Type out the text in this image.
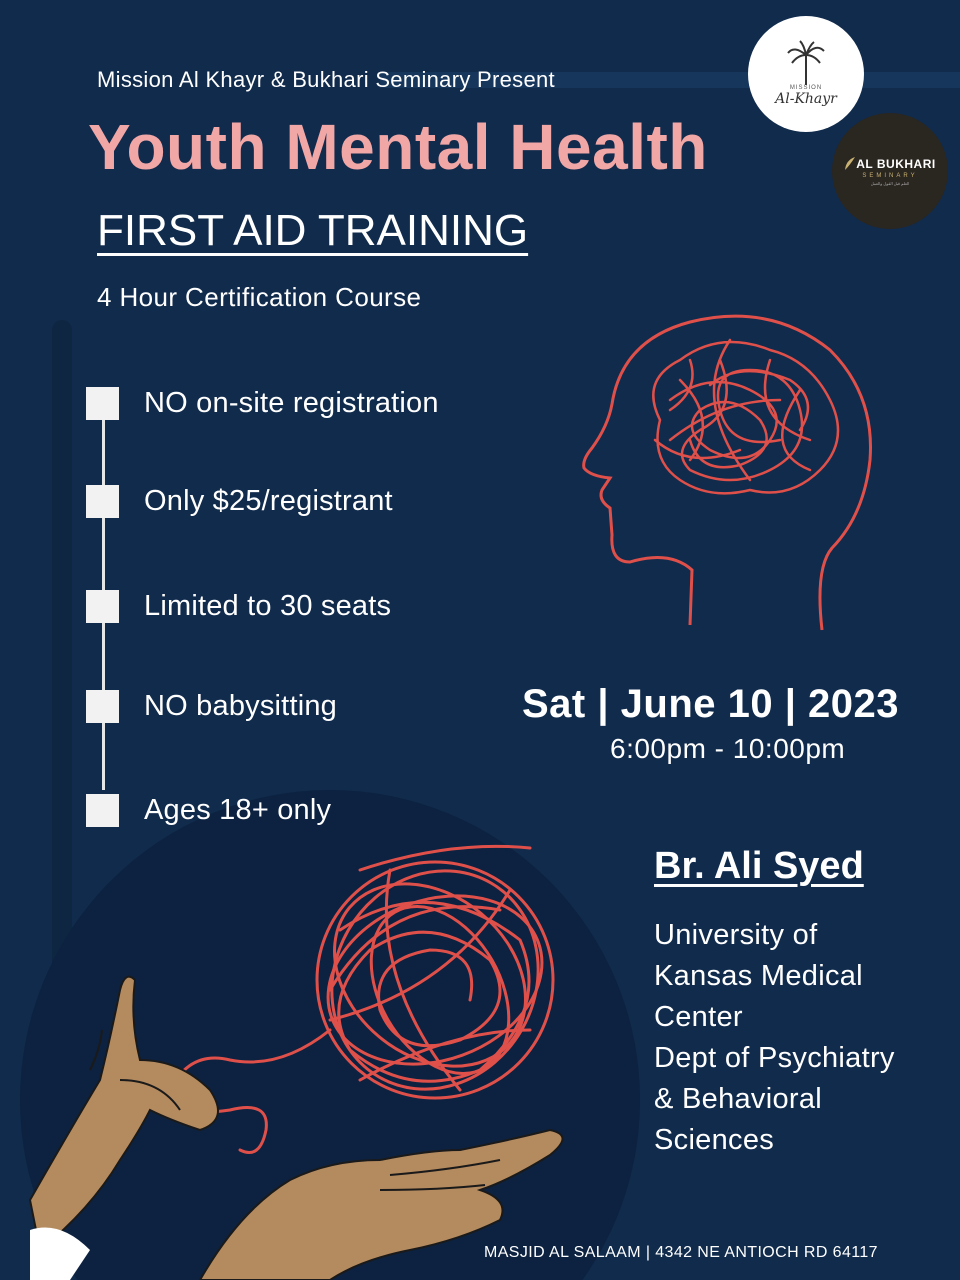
Mission Al Khayr & Bukhari Seminary Present
Youth Mental Health
FIRST AID TRAINING
4 Hour Certification Course
MISSION
Al-Khayr
AL BUKHARI
SEMINARY
العلم قبل القول والعمل
NO on-site registration
Only $25/registrant
Limited to 30 seats
NO babysitting
Ages 18+ only
Sat | June 10 | 2023
6:00pm - 10:00pm
Br. Ali Syed
University of
Kansas Medical
Center
Dept of Psychiatry
& Behavioral
Sciences
MASJID AL SALAAM | 4342 NE ANTIOCH RD 64117
